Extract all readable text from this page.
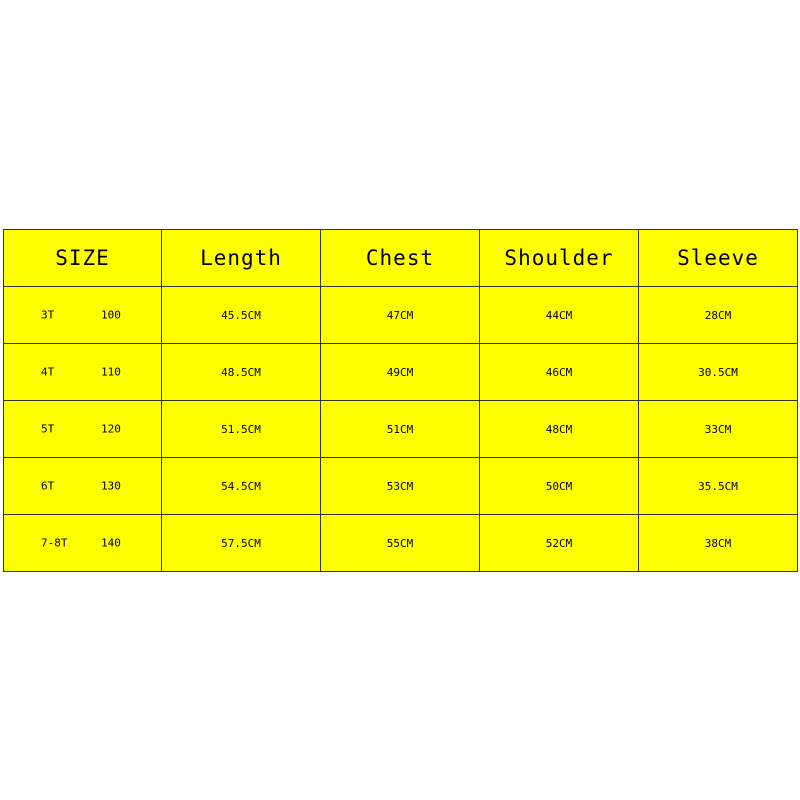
SIZE	Length	Chest	Shoulder	Sleeve

3T 100	45.5CM	47CM	44CM	28CM

4T 110	48.5CM	49CM	46CM	30.5CM

5T 120	51.5CM	51CM	48CM	33CM

6T 130	54.5CM	53CM	50CM	35.5CM

7-8T 140	57.5CM	55CM	52CM	38CM
